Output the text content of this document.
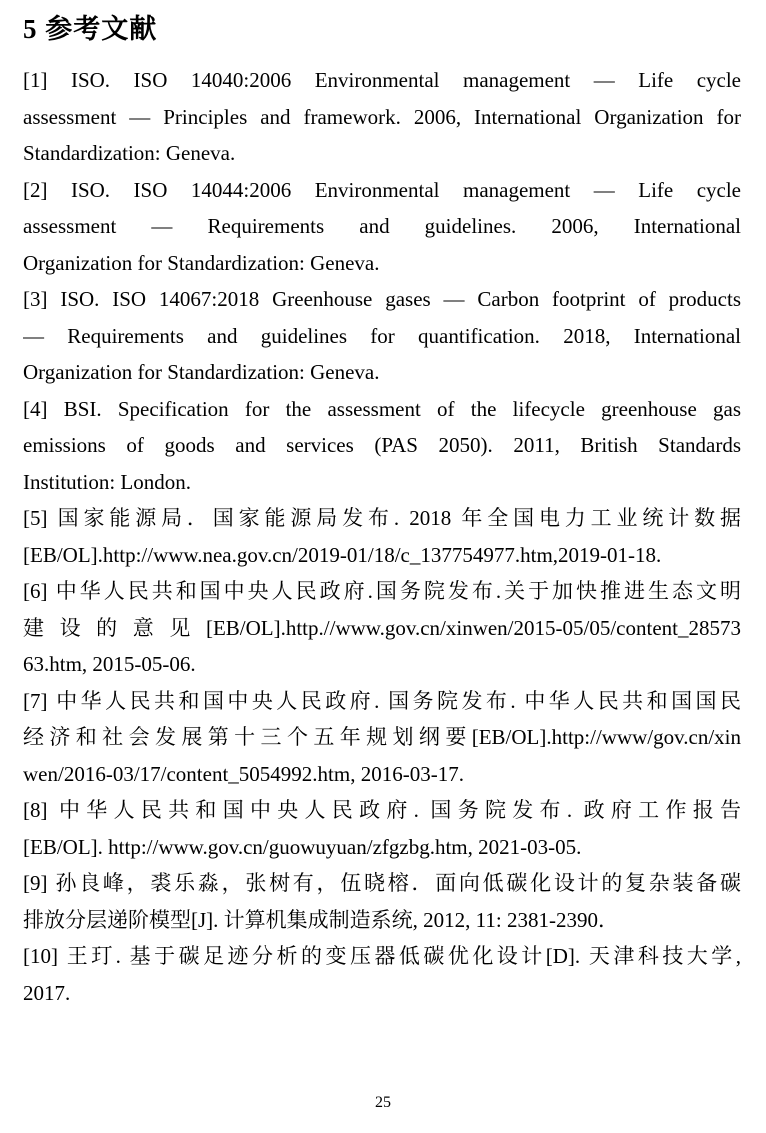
5 参考文献

[1] ISO. ISO 14040:2006 Environmental management — Life cycle
assessment — Principles and framework. 2006, International Organization for
Standardization: Geneva.

[2] ISO. ISO 14044:2006 Environmental management — Life cycle
assessment — Requirements and guidelines. 2006, International
Organization for Standardization: Geneva.

[3] ISO. ISO 14067:2018 Greenhouse gases — Carbon footprint of products
— Requirements and guidelines for quantification. 2018, International
Organization for Standardization: Geneva.

[4] BSI. Specification for the assessment of the lifecycle greenhouse gas
emissions of goods and services (PAS 2050). 2011, British Standards
Institution: London.

[5] 国家能源局．国家能源局发布. 2018 年全国电力工业统计数据
[EB/OL].http://www.nea.gov.cn/2019-01/18/c_137754977.htm,2019-01-18.

[6] 中华人民共和国中央人民政府.国务院发布.关于加快推进生态文明
建设的意见[EB/OL].http.//www.gov.cn/xinwen/2015-05/05/content_28573
63.htm, 2015-05-06.

[7] 中华人民共和国中央人民政府. 国务院发布. 中华人民共和国国民
经济和社会发展第十三个五年规划纲要[EB/OL].http://www/gov.cn/xin
wen/2016-03/17/content_5054992.htm, 2016-03-17.

[8] 中华人民共和国中央人民政府. 国务院发布. 政府工作报告
[EB/OL]. http://www.gov.cn/guowuyuan/zfgzbg.htm, 2021-03-05.

[9] 孙良峰，裘乐淼，张树有，伍晓榕．面向低碳化设计的复杂装备碳
排放分层递阶模型[J]. 计算机集成制造系统, 2012, 11: 2381-2390．

[10] 王玎. 基于碳足迹分析的变压器低碳优化设计[D]. 天津科技大学,
2017.

25
